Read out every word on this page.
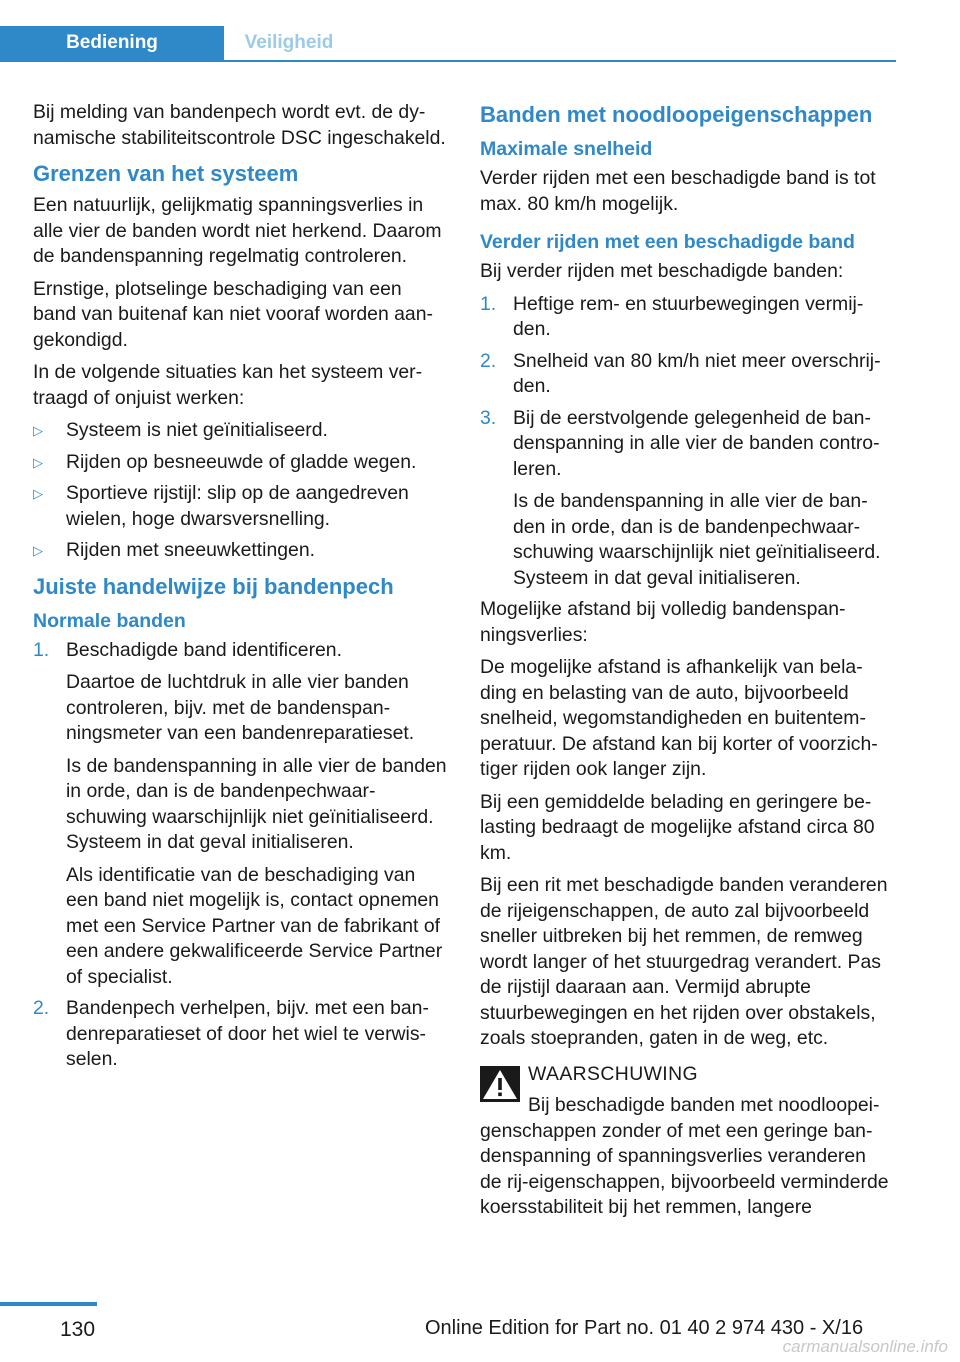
Bediening	Veiligheid

Bij melding van bandenpech wordt evt. de dynamische stabiliteitscontrole DSC ingeschakeld.

Grenzen van het systeem

Een natuurlijk, gelijkmatig spanningsverlies in alle vier de banden wordt niet herkend. Daarom de bandenspanning regelmatig controleren.

Ernstige, plotselinge beschadiging van een band van buitenaf kan niet vooraf worden aangekondigd.

In de volgende situaties kan het systeem vertraagd of onjuist werken:

▷ Systeem is niet geïnitialiseerd.
▷ Rijden op besneeuwde of gladde wegen.
▷ Sportieve rijstijl: slip op de aangedreven wielen, hoge dwarsversnelling.
▷ Rijden met sneeuwkettingen.
Juiste handelwijze bij bandenpech
Normale banden
1. Beschadigde band identificeren.
Daartoe de luchtdruk in alle vier banden controleren, bijv. met de bandenspanningsmeter van een bandenreparatieset.
Is de bandenspanning in alle vier de banden in orde, dan is de bandenpechwaarschuwing waarschijnlijk niet geïnitialiseerd. Systeem in dat geval initialiseren.
Als identificatie van de beschadiging van een band niet mogelijk is, contact opnemen met een Service Partner van de fabrikant of een andere gekwalificeerde Service Partner of specialist.
2. Bandenpech verhelpen, bijv. met een bandenreparatieset of door het wiel te verwisselen.
Banden met noodloopeigenschappen
Maximale snelheid

Verder rijden met een beschadigde band is tot max. 80 km/h mogelijk.

Verder rijden met een beschadigde band

Bij verder rijden met beschadigde banden:

1. Heftige rem- en stuurbewegingen vermijden.
2. Snelheid van 80 km/h niet meer overschrijden.
3. Bij de eerstvolgende gelegenheid de bandenspanning in alle vier de banden controleren.
Is de bandenspanning in alle vier de banden in orde, dan is de bandenpechwaarschuwing waarschijnlijk niet geïnitialiseerd. Systeem in dat geval initialiseren.

Mogelijke afstand bij volledig bandenspanningsverlies:

De mogelijke afstand is afhankelijk van belading en belasting van de auto, bijvoorbeeld snelheid, wegomstandigheden en buitentemperatuur. De afstand kan bij korter of voorzichtiger rijden ook langer zijn.

Bij een gemiddelde belading en geringere belasting bedraagt de mogelijke afstand circa 80 km.

Bij een rit met beschadigde banden veranderen de rijeigenschappen, de auto zal bijvoorbeeld sneller uitbreken bij het remmen, de remweg wordt langer of het stuurgedrag verandert. Pas de rijstijl daaraan aan. Vermijd abrupte stuurbewegingen en het rijden over obstakels, zoals stoepranden, gaten in de weg, etc.

WAARSCHUWING

Bij beschadigde banden met noodloopeigenschappen zonder of met een geringe bandenspanning of spanningsverlies veranderen de rij-eigenschappen, bijvoorbeeld verminderde koersstabiliteit bij het remmen, langere

130	Online Edition for Part no. 01 40 2 974 430 - X/16
carmanualsonline.info
